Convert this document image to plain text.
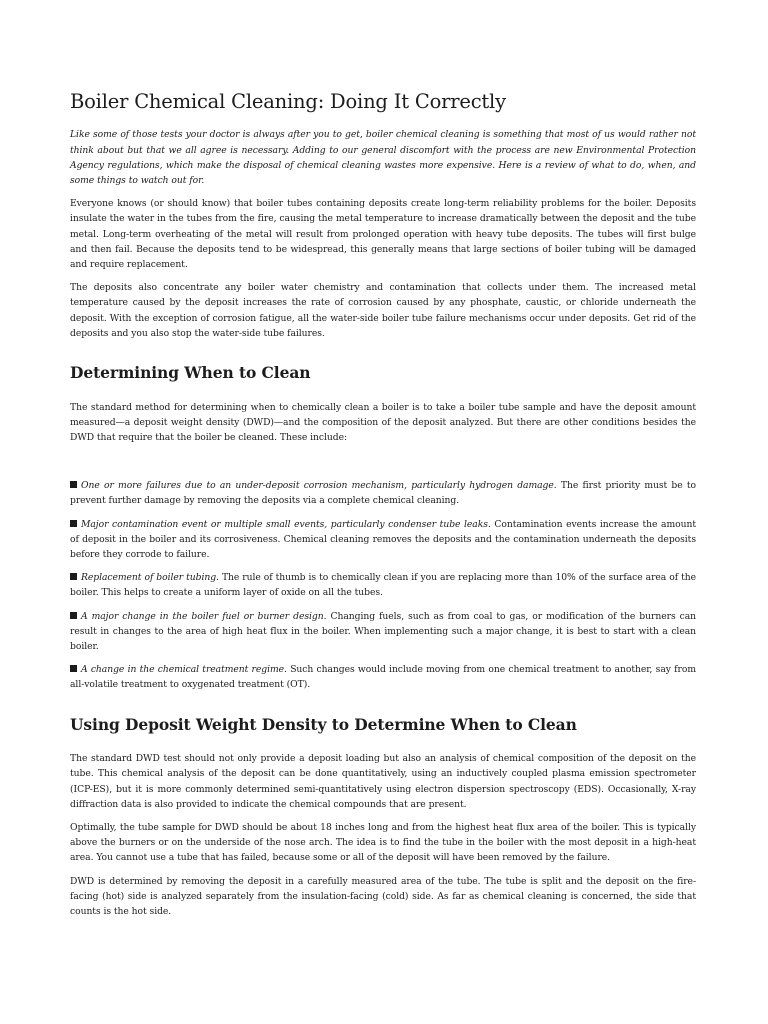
Boiler Chemical Cleaning: Doing It Correctly

Like some of those tests your doctor is always after you to get, boiler chemical cleaning is something that most of us would rather not think about but that we all agree is necessary. Adding to our general discomfort with the process are new Environmental Protection Agency regulations, which make the disposal of chemical cleaning wastes more expensive. Here is a review of what to do, when, and some things to watch out for.

Everyone knows (or should know) that boiler tubes containing deposits create long-term reliability problems for the boiler. Deposits insulate the water in the tubes from the fire, causing the metal temperature to increase dramatically between the deposit and the tube metal. Long-term overheating of the metal will result from prolonged operation with heavy tube deposits. The tubes will first bulge and then fail. Because the deposits tend to be widespread, this generally means that large sections of boiler tubing will be damaged and require replacement.

The deposits also concentrate any boiler water chemistry and contamination that collects under them. The increased metal temperature caused by the deposit increases the rate of corrosion caused by any phosphate, caustic, or chloride underneath the deposit. With the exception of corrosion fatigue, all the water-side boiler tube failure mechanisms occur under deposits. Get rid of the deposits and you also stop the water-side tube failures.

Determining When to Clean

The standard method for determining when to chemically clean a boiler is to take a boiler tube sample and have the deposit amount measured—a deposit weight density (DWD)—and the composition of the deposit analyzed. But there are other conditions besides the DWD that require that the boiler be cleaned. These include:

One or more failures due to an under-deposit corrosion mechanism, particularly hydrogen damage. The first priority must be to prevent further damage by removing the deposits via a complete chemical cleaning.

Major contamination event or multiple small events, particularly condenser tube leaks. Contamination events increase the amount of deposit in the boiler and its corrosiveness. Chemical cleaning removes the deposits and the contamination underneath the deposits before they corrode to failure.

Replacement of boiler tubing. The rule of thumb is to chemically clean if you are replacing more than 10% of the surface area of the boiler. This helps to create a uniform layer of oxide on all the tubes.

A major change in the boiler fuel or burner design. Changing fuels, such as from coal to gas, or modification of the burners can result in changes to the area of high heat flux in the boiler. When implementing such a major change, it is best to start with a clean boiler.

A change in the chemical treatment regime. Such changes would include moving from one chemical treatment to another, say from all-volatile treatment to oxygenated treatment (OT).

Using Deposit Weight Density to Determine When to Clean

The standard DWD test should not only provide a deposit loading but also an analysis of chemical composition of the deposit on the tube. This chemical analysis of the deposit can be done quantitatively, using an inductively coupled plasma emission spectrometer (ICP-ES), but it is more commonly determined semi-quantitatively using electron dispersion spectroscopy (EDS). Occasionally, X-ray diffraction data is also provided to indicate the chemical compounds that are present.

Optimally, the tube sample for DWD should be about 18 inches long and from the highest heat flux area of the boiler. This is typically above the burners or on the underside of the nose arch. The idea is to find the tube in the boiler with the most deposit in a high-heat area. You cannot use a tube that has failed, because some or all of the deposit will have been removed by the failure.

DWD is determined by removing the deposit in a carefully measured area of the tube. The tube is split and the deposit on the fire-facing (hot) side is analyzed separately from the insulation-facing (cold) side. As far as chemical cleaning is concerned, the side that counts is the hot side.
